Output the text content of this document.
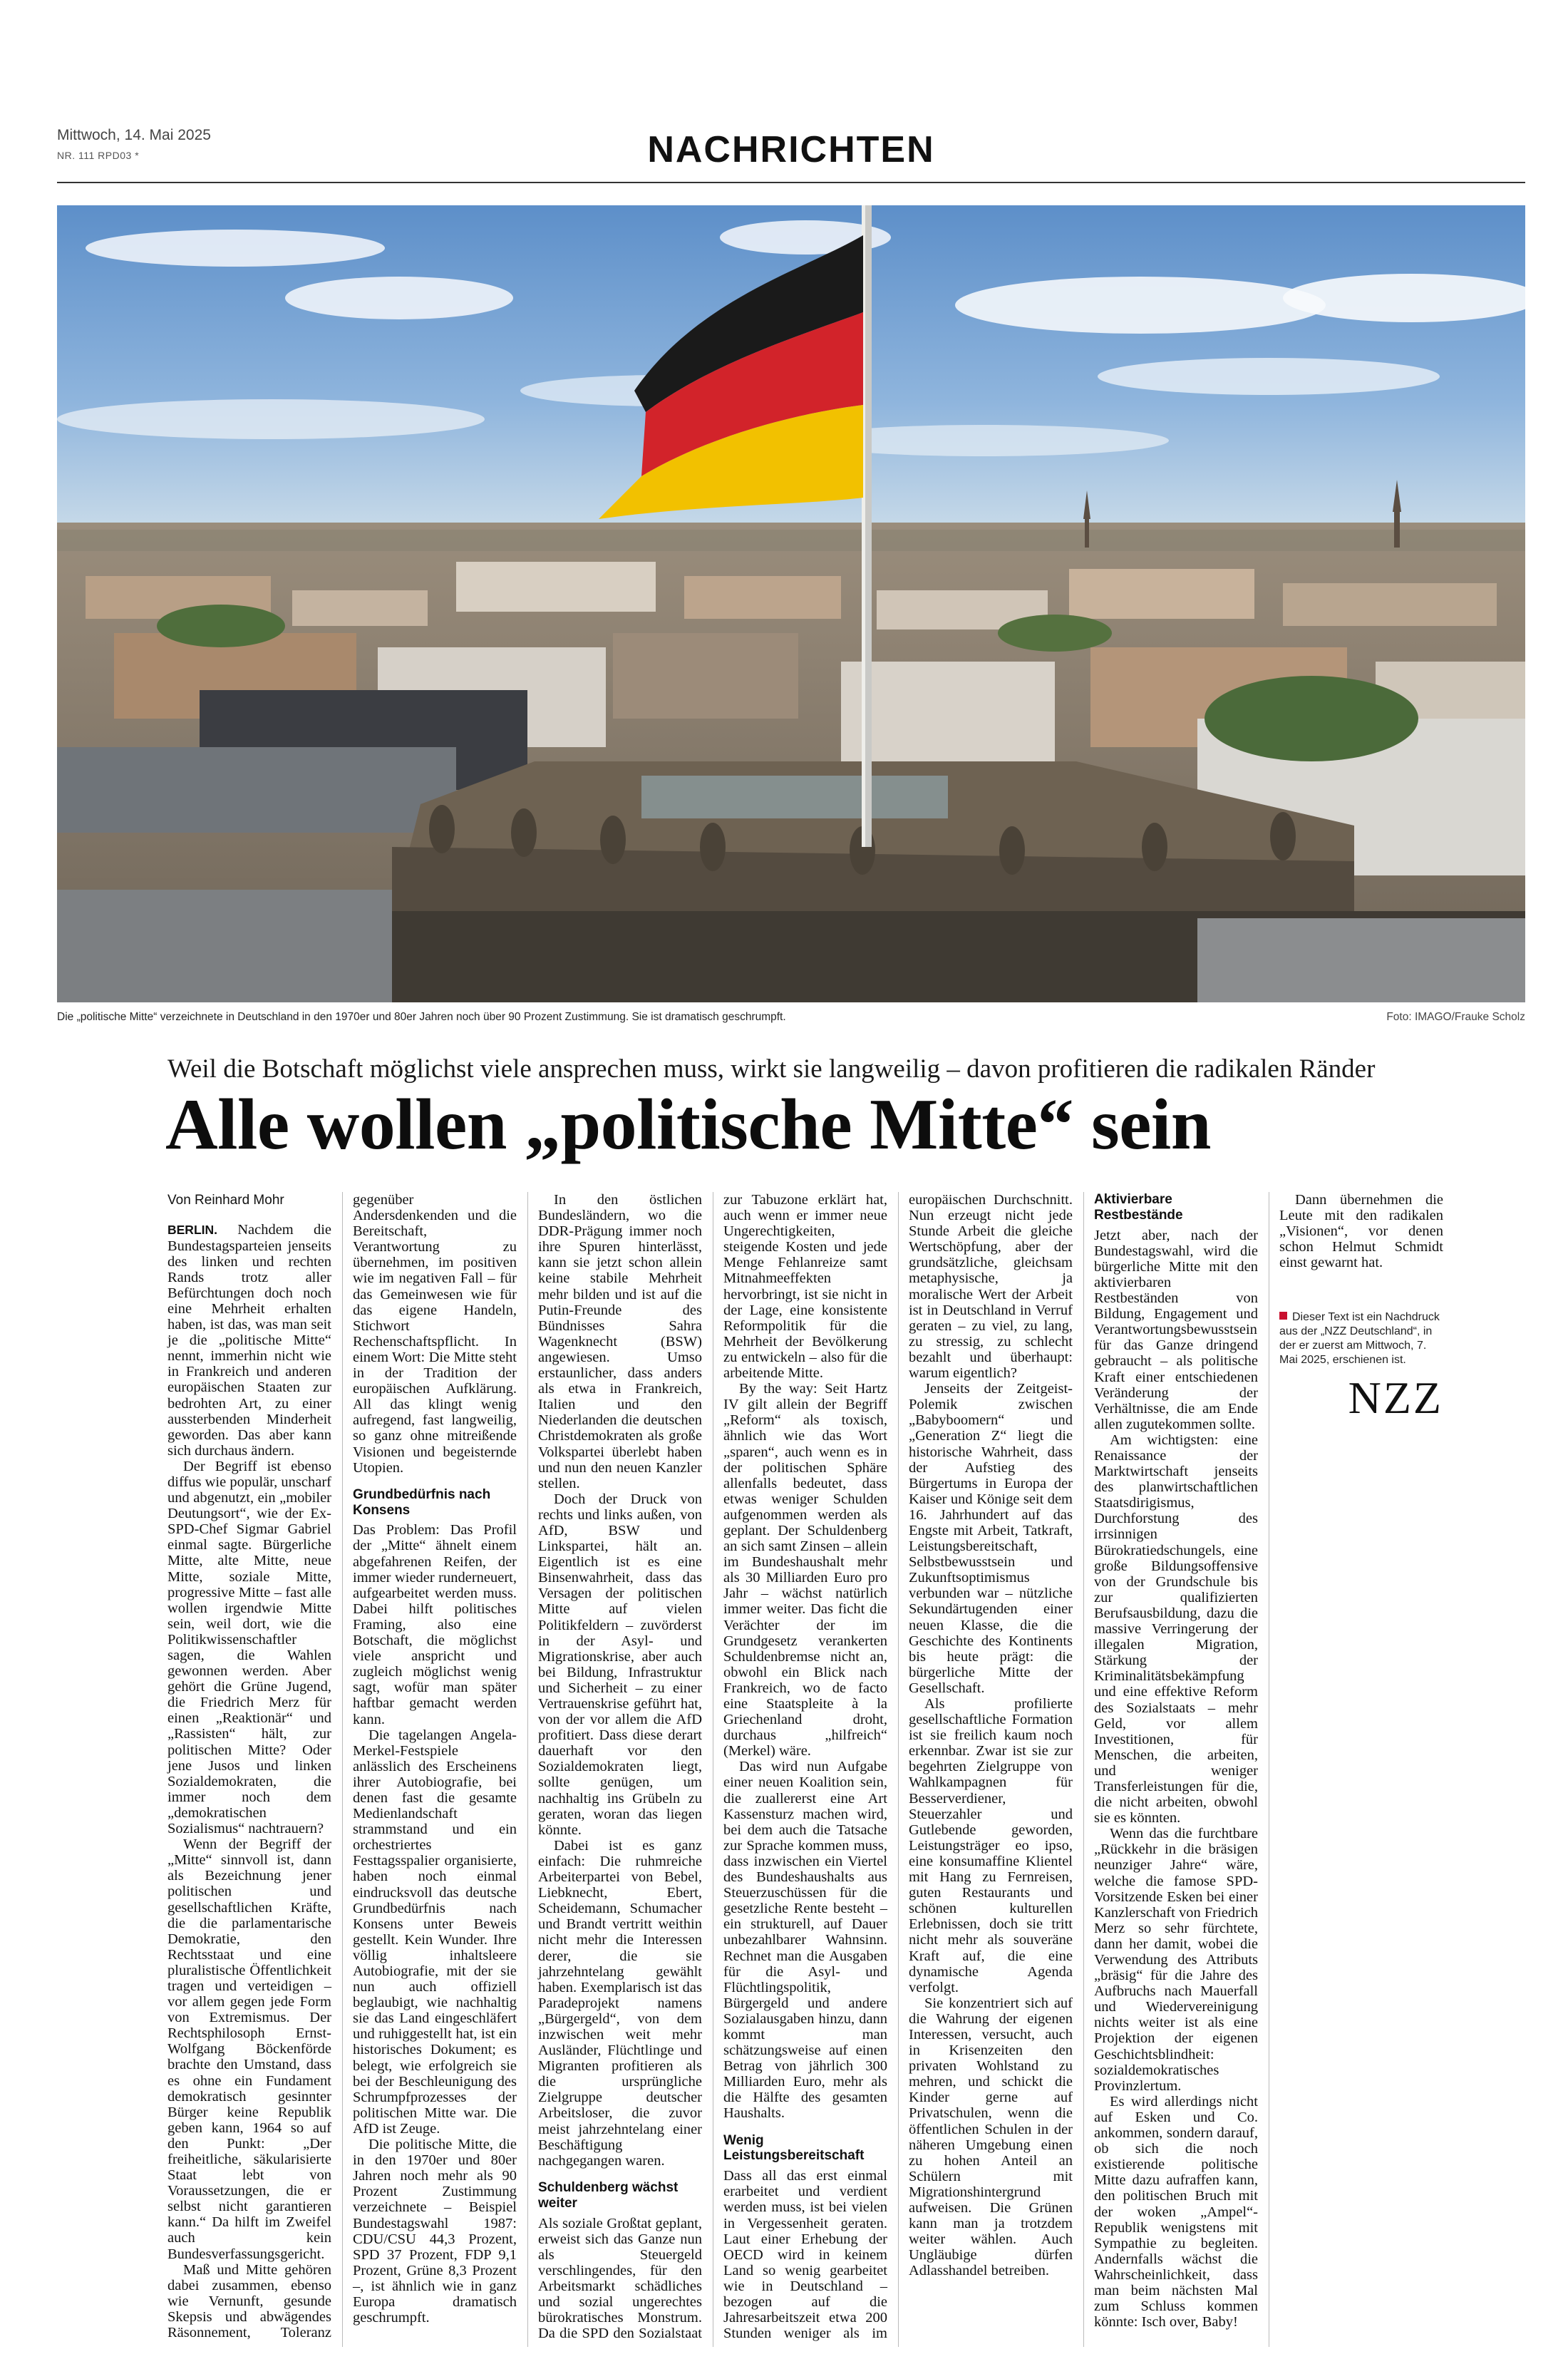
Mittwoch, 14. Mai 2025
NR. 111 RPD03 *	NACHRICHTEN
Die „politische Mitte“ verzeichnete in Deutschland in den 1970er und 80er Jahren noch über 90 Prozent Zustimmung. Sie ist dramatisch geschrumpft.	Foto: IMAGO/Frauke Scholz
Weil die Botschaft möglichst viele ansprechen muss, wirkt sie langweilig – davon profitieren die radikalen Ränder
Alle wollen „politische Mitte“ sein

Von Reinhard Mohr

BERLIN. Nachdem die Bundestagsparteien jenseits des linken und rechten Rands trotz aller Befürchtungen doch noch eine Mehrheit erhalten haben, ist das, was man seit je die „politische Mitte“ nennt, immerhin nicht wie in Frankreich und anderen europäischen Staaten zur bedrohten Art, zu einer aussterbenden Minderheit geworden. Das aber kann sich durchaus ändern.

Der Begriff ist ebenso diffus wie populär, unscharf und abgenutzt, ein „mobiler Deutungsort“, wie der Ex-SPD-Chef Sigmar Gabriel einmal sagte. Bürgerliche Mitte, alte Mitte, neue Mitte, soziale Mitte, progressive Mitte – fast alle wollen irgendwie Mitte sein, weil dort, wie die Politikwissenschaftler sagen, die Wahlen gewonnen werden. Aber gehört die Grüne Jugend, die Friedrich Merz für einen „Reaktionär“ und „Rassisten“ hält, zur politischen Mitte? Oder jene Jusos und linken Sozialdemokraten, die immer noch dem „demokratischen Sozialismus“ nachtrauern?

Wenn der Begriff der „Mitte“ sinnvoll ist, dann als Bezeichnung jener politischen und gesellschaftlichen Kräfte, die die parlamentarische Demokratie, den Rechtsstaat und eine pluralistische Öffentlichkeit tragen und verteidigen – vor allem gegen jede Form von Extremismus. Der Rechtsphilosoph Ernst-Wolfgang Böckenförde brachte den Umstand, dass es ohne ein Fundament demokratisch gesinnter Bürger keine Republik geben kann, 1964 so auf den Punkt: „Der freiheitliche, säkularisierte Staat lebt von Voraussetzungen, die er selbst nicht garantieren kann.“ Da hilft im Zweifel auch kein Bundesverfassungsgericht.

Maß und Mitte gehören dabei zusammen, ebenso wie Vernunft, gesunde Skepsis und abwägendes Räsonnement, Toleranz gegenüber Andersdenkenden und die Bereitschaft, Verantwortung zu übernehmen, im positiven wie im negativen Fall – für das Gemeinwesen wie für das eigene Handeln, Stichwort Rechenschaftspflicht. In einem Wort: Die Mitte steht in der Tradition der europäischen Aufklärung. All das klingt wenig aufregend, fast langweilig, so ganz ohne mitreißende Visionen und begeisternde Utopien.

Grundbedürfnis nach Konsens

Das Problem: Das Profil der „Mitte“ ähnelt einem abgefahrenen Reifen, der immer wieder runderneuert, aufgearbeitet werden muss. Dabei hilft politisches Framing, also eine Botschaft, die möglichst viele anspricht und zugleich möglichst wenig sagt, wofür man später haftbar gemacht werden kann.

Die tagelangen Angela-Merkel-Festspiele anlässlich des Erscheinens ihrer Autobiografie, bei denen fast die gesamte Medienlandschaft strammstand und ein orchestriertes Festtagsspalier organisierte, haben noch einmal eindrucksvoll das deutsche Grundbedürfnis nach Konsens unter Beweis gestellt. Kein Wunder. Ihre völlig inhaltsleere Autobiografie, mit der sie nun auch offiziell beglaubigt, wie nachhaltig sie das Land eingeschläfert und ruhiggestellt hat, ist ein historisches Dokument; es belegt, wie erfolgreich sie bei der Beschleunigung des Schrumpfprozesses der politischen Mitte war. Die AfD ist Zeuge.

Die politische Mitte, die in den 1970er und 80er Jahren noch mehr als 90 Prozent Zustimmung verzeichnete – Beispiel Bundestagswahl 1987: CDU/CSU 44,3 Prozent, SPD 37 Prozent, FDP 9,1 Prozent, Grüne 8,3 Prozent –, ist ähnlich wie in ganz Europa dramatisch geschrumpft.

In den östlichen Bundesländern, wo die DDR-Prägung immer noch ihre Spuren hinterlässt, kann sie jetzt schon allein keine stabile Mehrheit mehr bilden und ist auf die Putin-Freunde des Bündnisses Sahra Wagenknecht (BSW) angewiesen. Umso erstaunlicher, dass anders als etwa in Frankreich, Italien und den Niederlanden die deutschen Christdemokraten als große Volkspartei überlebt haben und nun den neuen Kanzler stellen.

Doch der Druck von rechts und links außen, von AfD, BSW und Linkspartei, hält an. Eigentlich ist es eine Binsenwahrheit, dass das Versagen der politischen Mitte auf vielen Politikfeldern – zuvörderst in der Asyl- und Migrationskrise, aber auch bei Bildung, Infrastruktur und Sicherheit – zu einer Vertrauenskrise geführt hat, von der vor allem die AfD profitiert. Dass diese derart dauerhaft vor den Sozialdemokraten liegt, sollte genügen, um nachhaltig ins Grübeln zu geraten, woran das liegen könnte.

Dabei ist es ganz einfach: Die ruhmreiche Arbeiterpartei von Bebel, Liebknecht, Ebert, Scheidemann, Schumacher und Brandt vertritt weithin nicht mehr die Interessen derer, die sie jahrzehntelang gewählt haben. Exemplarisch ist das Paradeprojekt namens „Bürgergeld“, von dem inzwischen weit mehr Ausländer, Flüchtlinge und Migranten profitieren als die ursprüngliche Zielgruppe deutscher Arbeitsloser, die zuvor meist jahrzehntelang einer Beschäftigung nachgegangen waren.

Schuldenberg wächst weiter

Als soziale Großtat geplant, erweist sich das Ganze nun als Steuergeld verschlingendes, für den Arbeitsmarkt schädliches und sozial ungerechtes bürokratisches Monstrum. Da die SPD den Sozialstaat zur Tabuzone erklärt hat, auch wenn er immer neue Ungerechtigkeiten, steigende Kosten und jede Menge Fehlanreize samt Mitnahmeeffekten hervorbringt, ist sie nicht in der Lage, eine konsistente Reformpolitik für die Mehrheit der Bevölkerung zu entwickeln – also für die arbeitende Mitte.

By the way: Seit Hartz IV gilt allein der Begriff „Reform“ als toxisch, ähnlich wie das Wort „sparen“, auch wenn es in der politischen Sphäre allenfalls bedeutet, dass etwas weniger Schulden aufgenommen werden als geplant. Der Schuldenberg an sich samt Zinsen – allein im Bundeshaushalt mehr als 30 Milliarden Euro pro Jahr – wächst natürlich immer weiter. Das ficht die Verächter der im Grundgesetz verankerten Schuldenbremse nicht an, obwohl ein Blick nach Frankreich, wo de facto eine Staatspleite à la Griechenland droht, durchaus „hilfreich“ (Merkel) wäre.

Das wird nun Aufgabe einer neuen Koalition sein, die zuallererst eine Art Kassensturz machen wird, bei dem auch die Tatsache zur Sprache kommen muss, dass inzwischen ein Viertel des Bundeshaushalts aus Steuerzuschüssen für die gesetzliche Rente besteht – ein strukturell, auf Dauer unbezahlbarer Wahnsinn. Rechnet man die Ausgaben für die Asyl- und Flüchtlingspolitik, Bürgergeld und andere Sozialausgaben hinzu, dann kommt man schätzungsweise auf einen Betrag von jährlich 300 Milliarden Euro, mehr als die Hälfte des gesamten Haushalts.

Wenig Leistungsbereitschaft

Dass all das erst einmal erarbeitet und verdient werden muss, ist bei vielen in Vergessenheit geraten. Laut einer Erhebung der OECD wird in keinem Land so wenig gearbeitet wie in Deutschland – bezogen auf die Jahresarbeitszeit etwa 200 Stunden weniger als im europäischen Durchschnitt. Nun erzeugt nicht jede Stunde Arbeit die gleiche Wertschöpfung, aber der grundsätzliche, gleichsam metaphysische, ja moralische Wert der Arbeit ist in Deutschland in Verruf geraten – zu viel, zu lang, zu stressig, zu schlecht bezahlt und überhaupt: warum eigentlich?

Jenseits der Zeitgeist-Polemik zwischen „Babyboomern“ und „Generation Z“ liegt die historische Wahrheit, dass der Aufstieg des Bürgertums in Europa der Kaiser und Könige seit dem 16. Jahrhundert auf das Engste mit Arbeit, Tatkraft, Leistungsbereitschaft, Selbstbewusstsein und Zukunftsoptimismus verbunden war – nützliche Sekundärtugenden einer neuen Klasse, die die Geschichte des Kontinents bis heute prägt: die bürgerliche Mitte der Gesellschaft.

Als profilierte gesellschaftliche Formation ist sie freilich kaum noch erkennbar. Zwar ist sie zur begehrten Zielgruppe von Wahlkampagnen für Besserverdiener, Steuerzahler und Gutlebende geworden, Leistungsträger eo ipso, eine konsumaffine Klientel mit Hang zu Fernreisen, guten Restaurants und schönen kulturellen Erlebnissen, doch sie tritt nicht mehr als souveräne Kraft auf, die eine dynamische Agenda verfolgt.

Sie konzentriert sich auf die Wahrung der eigenen Interessen, versucht, auch in Krisenzeiten den privaten Wohlstand zu mehren, und schickt die Kinder gerne auf Privatschulen, wenn die öffentlichen Schulen in der näheren Umgebung einen zu hohen Anteil an Schülern mit Migrationshintergrund aufweisen. Die Grünen kann man ja trotzdem weiter wählen. Auch Ungläubige dürfen Adlasshandel betreiben.

Aktivierbare Restbestände

Jetzt aber, nach der Bundestagswahl, wird die bürgerliche Mitte mit den aktivierbaren Restbeständen von Bildung, Engagement und Verantwortungsbewusstsein für das Ganze dringend gebraucht – als politische Kraft einer entschiedenen Veränderung der Verhältnisse, die am Ende allen zugutekommen sollte.

Am wichtigsten: eine Renaissance der Marktwirtschaft jenseits des planwirtschaftlichen Staatsdirigismus, Durchforstung des irrsinnigen Bürokratiedschungels, eine große Bildungsoffensive von der Grundschule bis zur qualifizierten Berufsausbildung, dazu die massive Verringerung der illegalen Migration, Stärkung der Kriminalitätsbekämpfung und eine effektive Reform des Sozialstaats – mehr Geld, vor allem Investitionen, für Menschen, die arbeiten, und weniger Transferleistungen für die, die nicht arbeiten, obwohl sie es könnten.

Wenn das die furchtbare „Rückkehr in die bräsigen neunziger Jahre“ wäre, welche die famose SPD-Vorsitzende Esken bei einer Kanzlerschaft von Friedrich Merz so sehr fürchtete, dann her damit, wobei die Verwendung des Attributs „bräsig“ für die Jahre des Aufbruchs nach Mauerfall und Wiedervereinigung nichts weiter ist als eine Projektion der eigenen Geschichtsblindheit: sozialdemokratisches Provinzlertum.

Es wird allerdings nicht auf Esken und Co. ankommen, sondern darauf, ob sich die noch existierende politische Mitte dazu aufraffen kann, den politischen Bruch mit der woken „Ampel“-Republik wenigstens mit Sympathie zu begleiten. Andernfalls wächst die Wahrscheinlichkeit, dass man beim nächsten Mal zum Schluss kommen könnte: Isch over, Baby!

Dann übernehmen die Leute mit den radikalen „Visionen“, vor denen schon Helmut Schmidt einst gewarnt hat.

Dieser Text ist ein Nachdruck aus der „NZZ Deutschland“, in der er zuerst am Mittwoch, 7. Mai 2025, erschienen ist.

NZZ
